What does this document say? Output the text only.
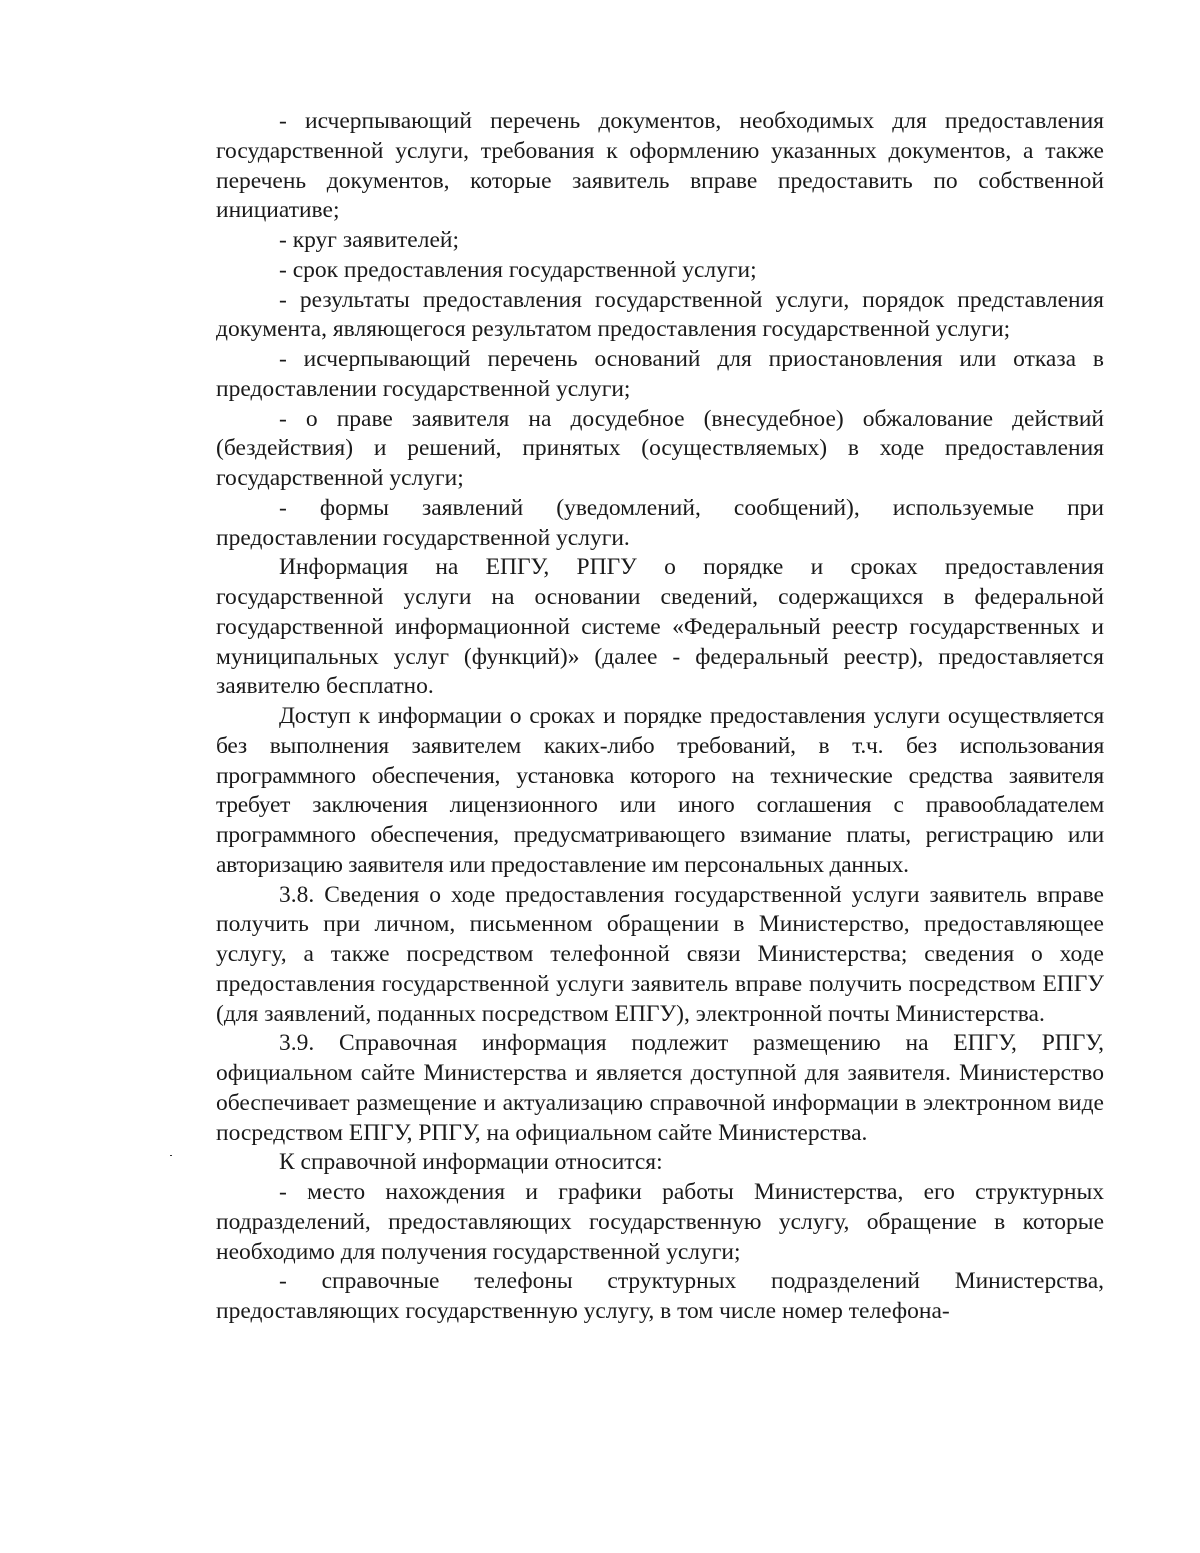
- исчерпывающий перечень документов, необходимых для предоставления государственной услуги, требования к оформлению указанных документов, а также перечень документов, которые заявитель вправе предоставить по собственной инициативе;

- круг заявителей;

- срок предоставления государственной услуги;

- результаты предоставления государственной услуги, порядок представления документа, являющегося результатом предоставления государственной услуги;

- исчерпывающий перечень оснований для приостановления или отказа в предоставлении государственной услуги;

- о праве заявителя на досудебное (внесудебное) обжалование действий (бездействия) и решений, принятых (осуществляемых) в ходе предоставления государственной услуги;

- формы заявлений (уведомлений, сообщений), используемые при предоставлении государственной услуги.

Информация на ЕПГУ, РПГУ о порядке и сроках предоставления государственной услуги на основании сведений, содержащихся в федеральной государственной информационной системе «Федеральный реестр государственных и муниципальных услуг (функций)» (далее - федеральный реестр), предоставляется заявителю бесплатно.

Доступ к информации о сроках и порядке предоставления услуги осуществляется без выполнения заявителем каких-либо требований, в т.ч. без использования программного обеспечения, установка которого на технические средства заявителя требует заключения лицензионного или иного соглашения с правообладателем программного обеспечения, предусматривающего взимание платы, регистрацию или авторизацию заявителя или предоставление им персональных данных.

3.8. Сведения о ходе предоставления государственной услуги заявитель вправе получить при личном, письменном обращении в Министерство, предоставляющее услугу, а также посредством телефонной связи Министерства; сведения о ходе предоставления государственной услуги заявитель вправе получить посредством ЕПГУ (для заявлений, поданных посредством ЕПГУ), электронной почты Министерства.

3.9. Справочная информация подлежит размещению на ЕПГУ, РПГУ, официальном сайте Министерства и является доступной для заявителя. Министерство обеспечивает размещение и актуализацию справочной информации в электронном виде посредством ЕПГУ, РПГУ, на официальном сайте Министерства.

К справочной информации относится:

- место нахождения и графики работы Министерства, его структурных подразделений, предоставляющих государственную услугу, обращение в которые необходимо для получения государственной услуги;

- справочные телефоны структурных подразделений Министерства, предоставляющих государственную услугу, в том числе номер телефона-
